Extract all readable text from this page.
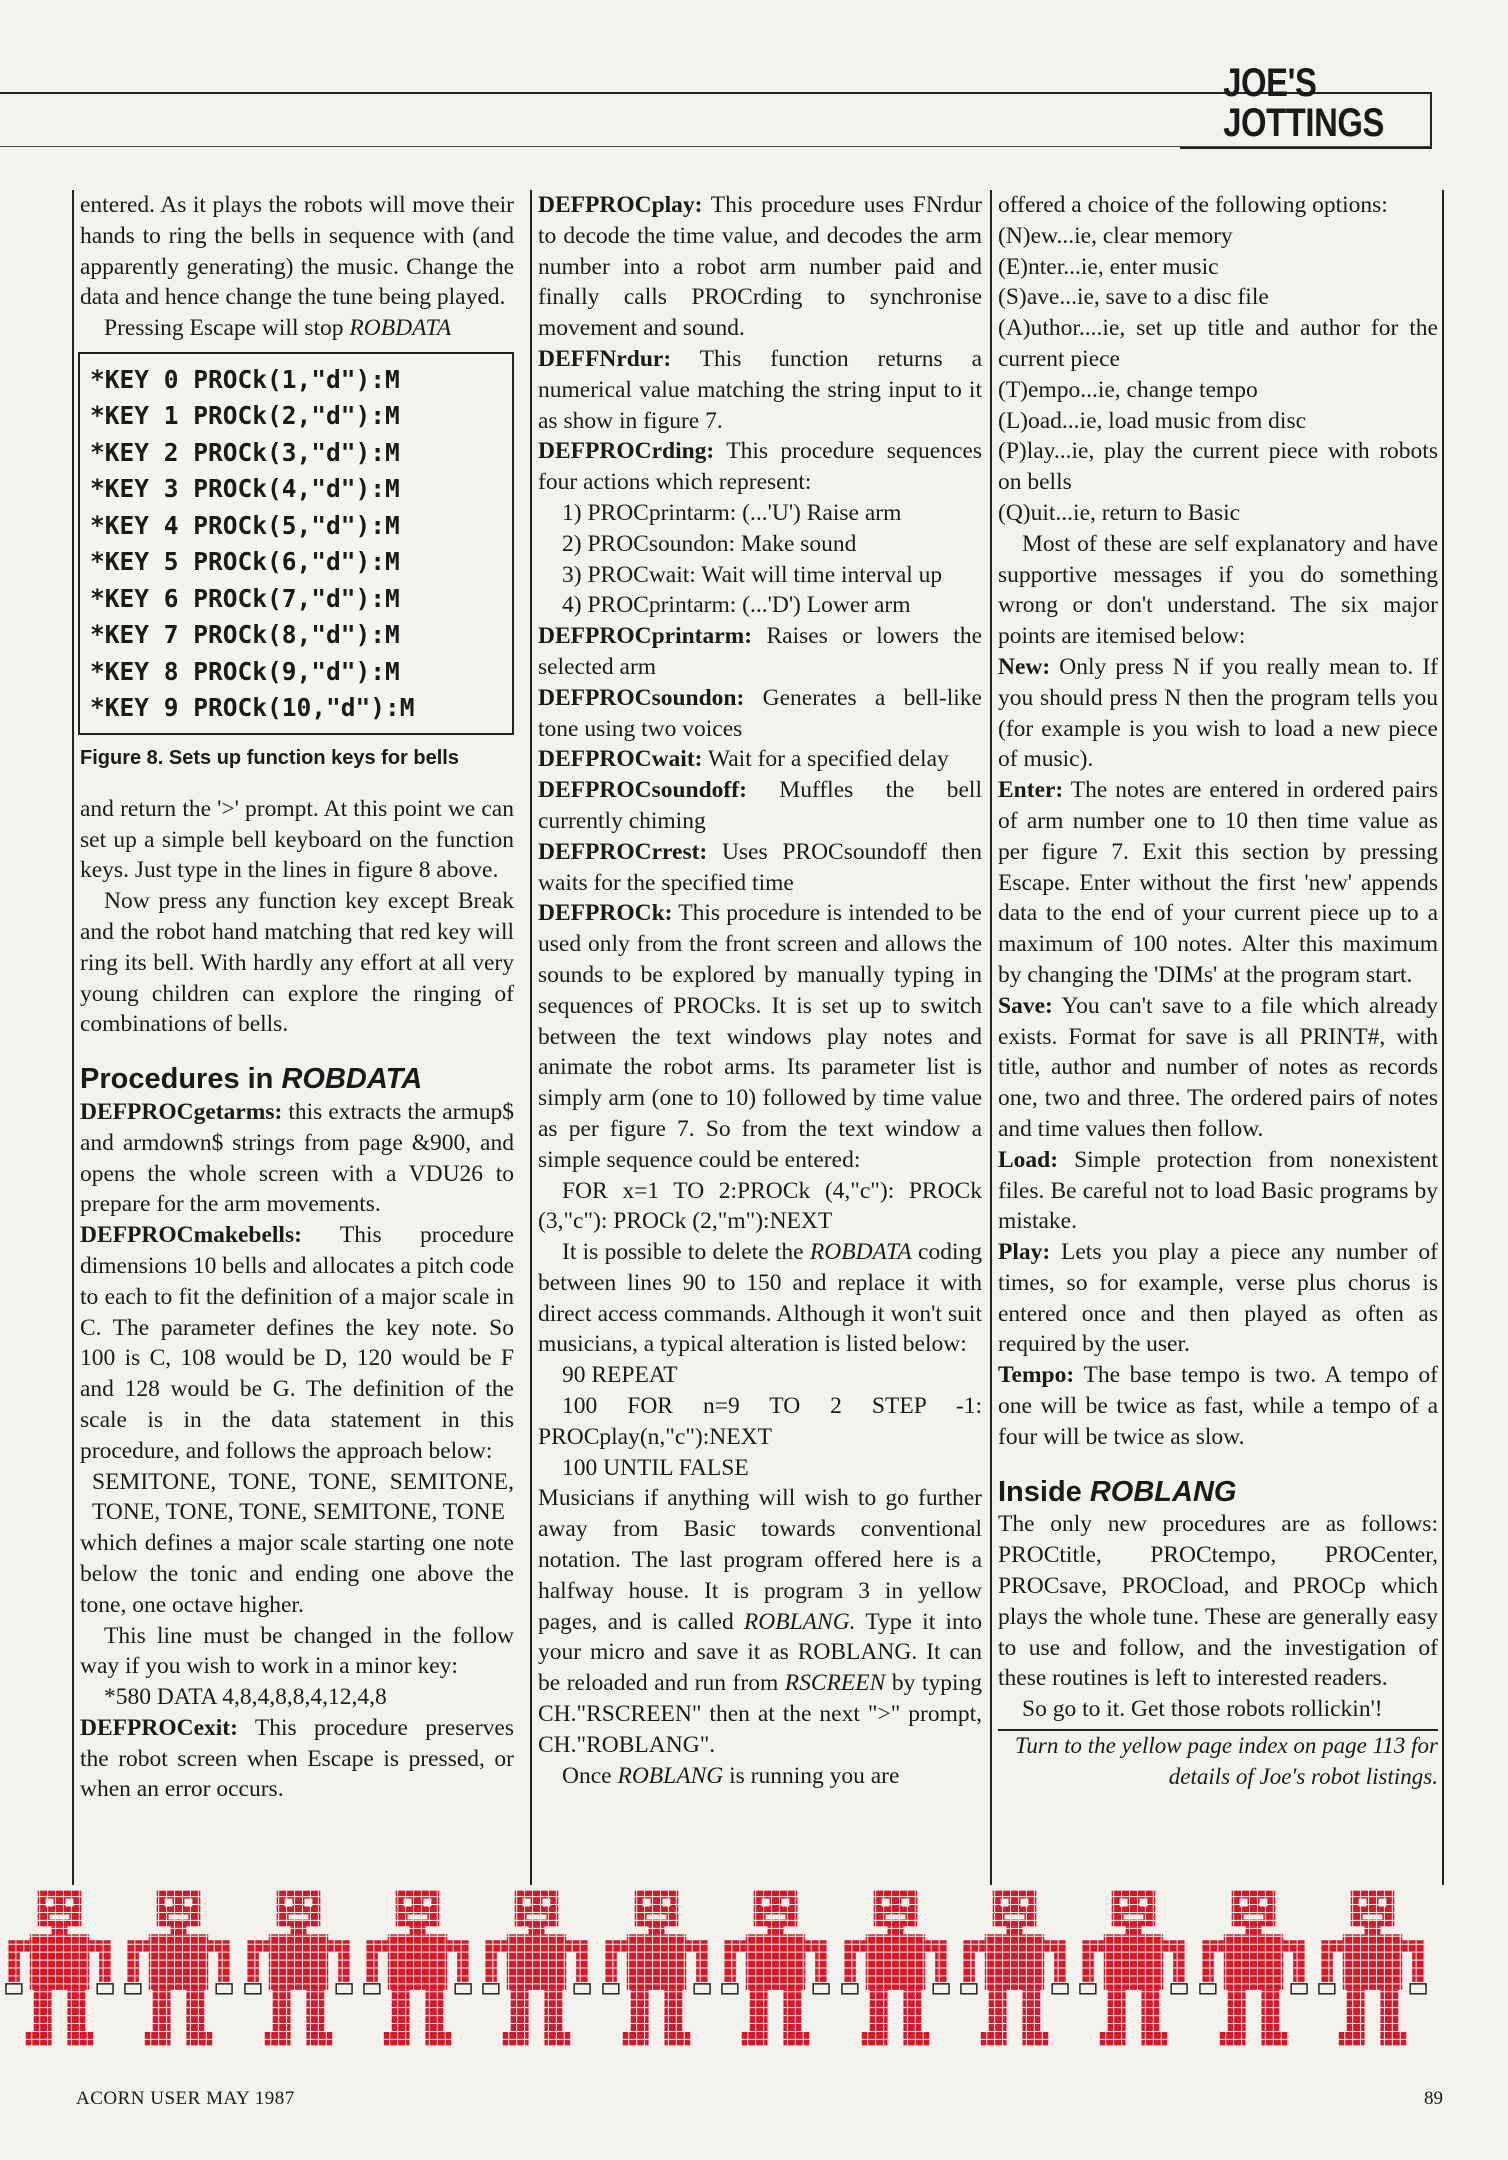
JOE'S JOTTINGS

entered. As it plays the robots will move their hands to ring the bells in sequence with (and apparently generating) the music. Change the data and hence change the tune being played.

Pressing Escape will stop ROBDATA

*KEY 0 PROCk(1,"d"):M
*KEY 1 PROCk(2,"d"):M
*KEY 2 PROCk(3,"d"):M
*KEY 3 PROCk(4,"d"):M
*KEY 4 PROCk(5,"d"):M
*KEY 5 PROCk(6,"d"):M
*KEY 6 PROCk(7,"d"):M
*KEY 7 PROCk(8,"d"):M
*KEY 8 PROCk(9,"d"):M
*KEY 9 PROCk(10,"d"):M

Figure 8. Sets up function keys for bells

and return the '>' prompt. At this point we can set up a simple bell keyboard on the function keys. Just type in the lines in figure 8 above.

Now press any function key except Break and the robot hand matching that red key will ring its bell. With hardly any effort at all very young children can explore the ringing of combinations of bells.

Procedures in ROBDATA

DEFPROCgetarms: this extracts the armup$ and armdown$ strings from page &900, and opens the whole screen with a VDU26 to prepare for the arm movements.

DEFPROCmakebells: This procedure dimensions 10 bells and allocates a pitch code to each to fit the definition of a major scale in C. The parameter defines the key note. So 100 is C, 108 would be D, 120 would be F and 128 would be G. The definition of the scale is in the data statement in this procedure, and follows the approach below:

SEMITONE, TONE, TONE, SEMITONE, TONE, TONE, TONE, SEMITONE, TONE

which defines a major scale starting one note below the tonic and ending one above the tone, one octave higher.

This line must be changed in the follow way if you wish to work in a minor key:

*580 DATA 4,8,4,8,8,4,12,4,8

DEFPROCexit: This procedure preserves the robot screen when Escape is pressed, or when an error occurs.

DEFPROCplay: This procedure uses FNrdur to decode the time value, and decodes the arm number into a robot arm number paid and finally calls PROCrding to synchronise movement and sound.

DEFFNrdur: This function returns a numerical value matching the string input to it as show in figure 7.

DEFPROCrding: This procedure sequences four actions which represent:

1) PROCprintarm: (...'U') Raise arm

2) PROCsoundon: Make sound

3) PROCwait: Wait will time interval up

4) PROCprintarm: (...'D') Lower arm

DEFPROCprintarm: Raises or lowers the selected arm

DEFPROCsoundon: Generates a bell-like tone using two voices

DEFPROCwait: Wait for a specified delay

DEFPROCsoundoff: Muffles the bell currently chiming

DEFPROCrrest: Uses PROCsoundoff then waits for the specified time

DEFPROCk: This procedure is intended to be used only from the front screen and allows the sounds to be explored by manually typing in sequences of PROCks. It is set up to switch between the text windows play notes and animate the robot arms. Its parameter list is simply arm (one to 10) followed by time value as per figure 7. So from the text window a simple sequence could be entered:

FOR x=1 TO 2:PROCk (4,"c"): PROCk (3,"c"): PROCk (2,"m"):NEXT

It is possible to delete the ROBDATA coding between lines 90 to 150 and replace it with direct access commands. Although it won't suit musicians, a typical alteration is listed below:

90 REPEAT

100 FOR n=9 TO 2 STEP -1: PROCplay(n,"c"):NEXT

100 UNTIL FALSE

Musicians if anything will wish to go further away from Basic towards conventional notation. The last program offered here is a halfway house. It is program 3 in yellow pages, and is called ROBLANG. Type it into your micro and save it as ROBLANG. It can be reloaded and run from RSCREEN by typing CH."RSCREEN" then at the next ">" prompt, CH."ROBLANG".

Once ROBLANG is running you are

offered a choice of the following options:

(N)ew...ie, clear memory

(E)nter...ie, enter music

(S)ave...ie, save to a disc file

(A)uthor....ie, set up title and author for the current piece

(T)empo...ie, change tempo

(L)oad...ie, load music from disc

(P)lay...ie, play the current piece with robots on bells

(Q)uit...ie, return to Basic

Most of these are self explanatory and have supportive messages if you do something wrong or don't understand. The six major points are itemised below:

New: Only press N if you really mean to. If you should press N then the program tells you (for example is you wish to load a new piece of music).

Enter: The notes are entered in ordered pairs of arm number one to 10 then time value as per figure 7. Exit this section by pressing Escape. Enter without the first 'new' appends data to the end of your current piece up to a maximum of 100 notes. Alter this maximum by changing the 'DIMs' at the program start.

Save: You can't save to a file which already exists. Format for save is all PRINT#, with title, author and number of notes as records one, two and three. The ordered pairs of notes and time values then follow.

Load: Simple protection from nonexistent files. Be careful not to load Basic programs by mistake.

Play: Lets you play a piece any number of times, so for example, verse plus chorus is entered once and then played as often as required by the user.

Tempo: The base tempo is two. A tempo of one will be twice as fast, while a tempo of a four will be twice as slow.

Inside ROBLANG

The only new procedures are as follows: PROCtitle, PROCtempo, PROCenter, PROCsave, PROCload, and PROCp which plays the whole tune. These are generally easy to use and follow, and the investigation of these routines is left to interested readers.

So go to it. Get those robots rollickin'!

Turn to the yellow page index on page 113 for details of Joe's robot listings.

ACORN USER MAY 1987	89
